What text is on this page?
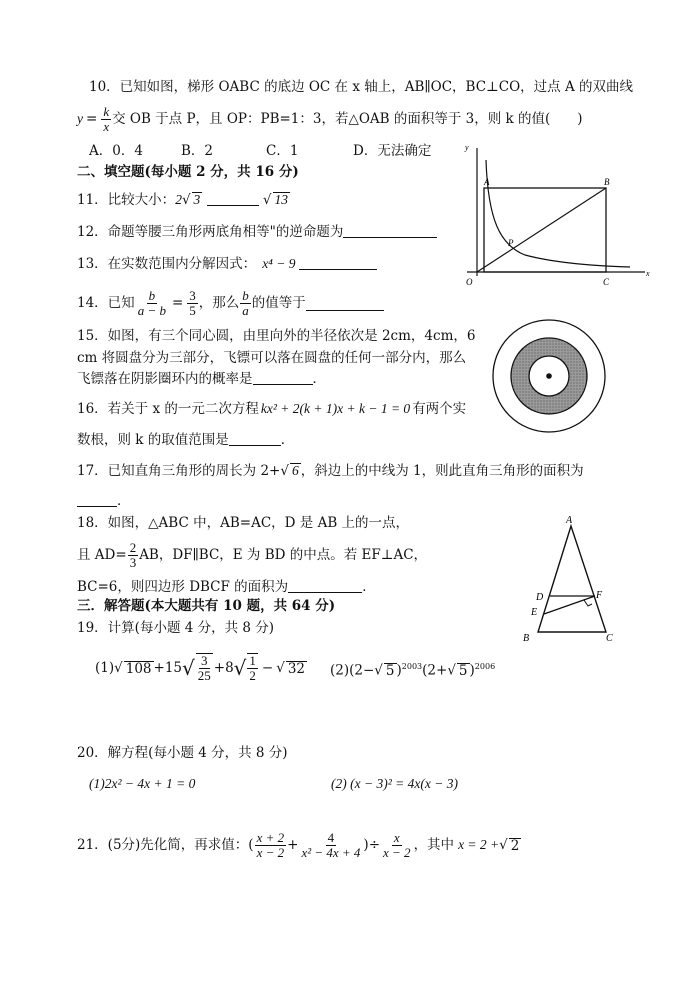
10．已知如图，梯形 OABC 的底边 OC 在 x 轴上，AB∥OC，BC⊥CO，过点 A 的双曲线
$y = \frac{k}{x}$ 交 OB 于点 P，且 OP：PB=1：3，若△OAB 的面积等于 3，则 k 的值(　　)
A．0．4	B．2	C．1	D．无法确定
二、填空题(每小题 2 分，共 16 分)
11．比较大小：2√ 3	√ 13
12．命题等腰三角形两底角相等"的逆命题为
13．在实数范围内分解因式： x⁴ − 9
14．已知 $\frac{b}{a - b} = \frac{3}{5}$ ，那么 $\frac{b}{a}$ 的值等于
15．如图，有三个同心圆，由里向外的半径依次是 2cm，4cm，6
cm 将圆盘分为三部分，飞镖可以落在圆盘的任何一部分内，那么
飞镖落在阴影圈环内的概率是	．
16．若关于 x 的一元二次方程 kx² + 2(k + 1)x + k − 1 = 0 有两个实
数根，则 k 的取值范围是	．
17．已知直角三角形的周长为 2+√ 6 ，斜边上的中线为 1，则此直角三角形的面积为
．
18．如图，△ABC 中，AB=AC，D 是 AB 上的一点，
且 $AD= \frac{2}{3}$ AB，DF∥BC，E 为 BD 的中点。若 EF⊥AC，
BC=6，则四边形 DBCF 的面积为	．
三．解答题(本大题共有 10 题，共 64 分)
19．计算(每小题 4 分，共 8 分)
(1) √ 108 +15 √ $\frac{3}{25} +8$ √ $\frac{1}{2}$ − √ 32 (2)(2−√ 5 )$^{2003}$(2+√ 5 )$^{2006}$
20．解方程(每小题 4 分，共 8 分)
(1)2x² − 4x + 1 = 0	(2) (x − 3)² = 4x(x − 3)
21．(5分)先化简，再求值：( $\frac{x + 2}{x - 2} + \frac{4}{\text{x² − 4x + 4}}$ )÷ $\frac{x}{x - 2}$ ，其中 x = 2 + √ 2
y
x
O
A	B
C
P
A
B	C
D
E
F
